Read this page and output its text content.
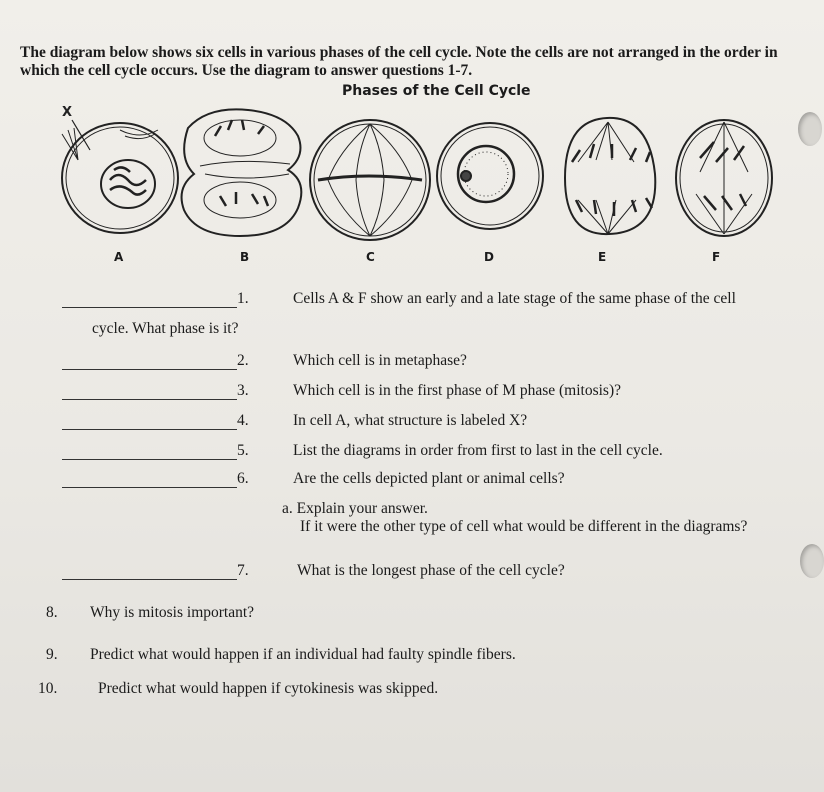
The diagram below shows six cells in various phases of the cell cycle. Note the cells are not arranged in the order in which the cell cycle occurs. Use the diagram to answer questions 1-7.
Phases of the Cell Cycle
X
A	B	C	D	E	F
1.	Cells A & F show an early and a late stage of the same phase of the cell
cycle. What phase is it?
2.	Which cell is in metaphase?
3.	Which cell is in the first phase of M phase (mitosis)?
4.	In cell A, what structure is labeled X?
5.	List the diagrams in order from first to last in the cell cycle.
6.	Are the cells depicted plant or animal cells?
a. Explain your answer.
If it were the other type of cell what would be different in the diagrams?
7.	What is the longest phase of the cell cycle?
8. Why is mitosis important?
9. Predict what would happen if an individual had faulty spindle fibers.
10.	Predict what would happen if cytokinesis was skipped.
